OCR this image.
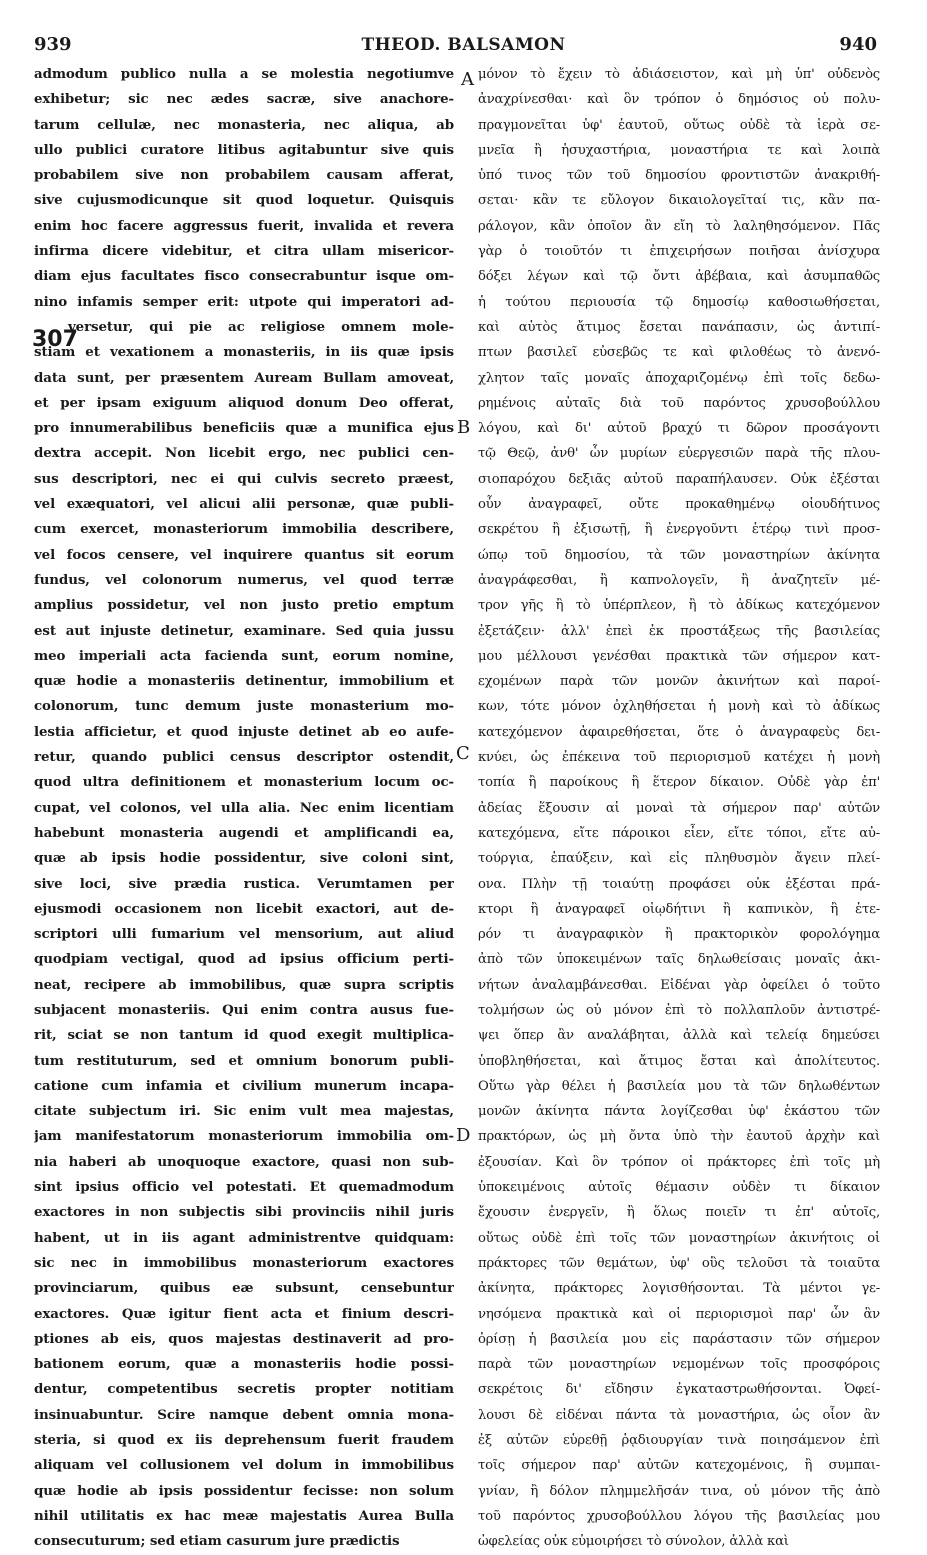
939	THEOD. BALSAMON	940
admodum publico nulla a se molestia negotiumve
exhibetur; sic nec ædes sacræ, sive anachore-
tarum cellulæ, nec monasteria, nec aliqua, ab
ullo publici curatore litibus agitabuntur sive quis
probabilem sive non probabilem causam afferat,
sive cujusmodicunque sit quod loquetur. Quisquis
enim hoc facere aggressus fuerit, invalida et revera
infirma dicere videbitur, et citra ullam misericor-
diam ejus facultates fisco consecrabuntur isque om-
nino infamis semper erit: utpote qui imperatori ad-
versetur, qui pie ac religiose omnem mole-
stiam et vexationem a monasteriis, in iis quæ ipsis
data sunt, per præsentem Auream Bullam amoveat,
et per ipsam exiguum aliquod donum Deo offerat,
pro innumerabilibus beneficiis quæ a munifica ejus
dextra accepit. Non licebit ergo, nec publici cen-
sus descriptori, nec ei qui culvis secreto præest,
vel exæquatori, vel alicui alii personæ, quæ publi-
cum exercet, monasteriorum immobilia describere,
vel focos censere, vel inquirere quantus sit eorum
fundus, vel colonorum numerus, vel quod terræ
amplius possidetur, vel non justo pretio emptum
est aut injuste detinetur, examinare. Sed quia jussu
meo imperiali acta facienda sunt, eorum nomine,
quæ hodie a monasteriis detinentur, immobilium et
colonorum, tunc demum juste monasterium mo-
lestia afficietur, et quod injuste detinet ab eo aufe-
retur, quando publici census descriptor ostendit,
quod ultra definitionem et monasterium locum oc-
cupat, vel colonos, vel ulla alia. Nec enim licentiam
habebunt monasteria augendi et amplificandi ea,
quæ ab ipsis hodie possidentur, sive coloni sint,
sive loci, sive prædia rustica. Verumtamen per
ejusmodi occasionem non licebit exactori, aut de-
scriptori ulli fumarium vel mensorium, aut aliud
quodpiam vectigal, quod ad ipsius officium perti-
neat, recipere ab immobilibus, quæ supra scriptis
subjacent monasteriis. Qui enim contra ausus fue-
rit, sciat se non tantum id quod exegit multiplica-
tum restituturum, sed et omnium bonorum publi-
catione cum infamia et civilium munerum incapa-
citate subjectum iri. Sic enim vult mea majestas,
jam manifestatorum monasteriorum immobilia om-
nia haberi ab unoquoque exactore, quasi non sub-
sint ipsius officio vel potestati. Et quemadmodum
exactores in non subjectis sibi provinciis nihil juris
habent, ut in iis agant administrentve quidquam:
sic nec in immobilibus monasteriorum exactores
provinciarum, quibus eæ subsunt, censebuntur
exactores. Quæ igitur fient acta et finium descri-
ptiones ab eis, quos majestas destinaverit ad pro-
bationem eorum, quæ a monasteriis hodie possi-
dentur, competentibus secretis propter notitiam
insinuabuntur. Scire namque debent omnia mona-
steria, si quod ex iis deprehensum fuerit fraudem
aliquam vel collusionem vel dolum in immobilibus
quæ hodie ab ipsis possidentur fecisse: non solum
nihil utilitatis ex hac meæ majestatis Aurea Bulla
consecuturum; sed etiam casurum jure prædictis
μόνον τὸ ἔχειν τὸ ἀδιάσειστον, καὶ μὴ ὑπ' οὐδενὸς
ἀναχρίνεσθαι· καὶ ὃν τρόπον ὁ δημόσιος οὐ πολυ-
πραγμονεῖται ὑφ' ἑαυτοῦ, οὕτως οὐδὲ τὰ ἱερὰ σε-
μνεῖα ἢ ἡσυχαστήρια, μοναστήρια τε καὶ λοιπὰ
ὑπό τινος τῶν τοῦ δημοσίου φροντιστῶν ἀνακριθή-
σεται· κἂν τε εὔλογον δικαιολογεῖταί τις, κἂν πα-
ράλογον, κἂν ὁποῖον ἂν εἴη τὸ λαληθησόμενον. Πᾶς
γὰρ ὁ τοιοῦτόν τι ἐπιχειρήσων ποιῆσαι ἀνίσχυρα
δόξει λέγων καὶ τῷ ὄντι ἀβέβαια, καὶ ἀσυμπαθῶς
ἡ τούτου περιουσία τῷ δημοσίῳ καθοσιωθήσεται,
καὶ αὐτὸς ἄτιμος ἔσεται πανάπασιν, ὡς ἀντιπί-
πτων βασιλεῖ εὐσεβῶς τε καὶ φιλοθέως τὸ ἀνενό-
χλητον ταῖς μοναῖς ἀποχαριζομένῳ ἐπὶ τοῖς δεδω-
ρημένοις αὐταῖς διὰ τοῦ παρόντος χρυσοβούλλου
λόγου, καὶ δι' αὐτοῦ βραχύ τι δῶρον προσάγοντι
τῷ Θεῷ, ἀνθ' ὧν μυρίων εὐεργεσιῶν παρὰ τῆς πλου-
σιοπαρόχου δεξιᾶς αὐτοῦ παραπήλαυσεν. Οὐκ ἐξέσται
οὖν ἀναγραφεῖ, οὔτε προκαθημένῳ οἱουδήτινος
σεκρέτου ἢ ἐξισωτῇ, ἢ ἐνεργοῦντι ἑτέρῳ τινὶ προσ-
ώπῳ τοῦ δημοσίου, τὰ τῶν μοναστηρίων ἀκίνητα
ἀναγράφεσθαι, ἢ καπνολογεῖν, ἢ ἀναζητεῖν μέ-
τρον γῆς ἢ τὸ ὑπέρπλεον, ἢ τὸ ἀδίκως κατεχόμενον
ἐξετάζειν· ἀλλ' ἐπεὶ ἐκ προστάξεως τῆς βασιλείας
μου μέλλουσι γενέσθαι πρακτικὰ τῶν σήμερον κατ-
εχομένων παρὰ τῶν μονῶν ἀκινήτων καὶ παροί-
κων, τότε μόνον ὀχληθήσεται ἡ μονὴ καὶ τὸ ἀδίκως
κατεχόμενον ἀφαιρεθήσεται, ὅτε ὁ ἀναγραφεὺς δει-
κνύει, ὡς ἐπέκεινα τοῦ περιορισμοῦ κατέχει ἡ μονὴ
τοπία ἢ παροίκους ἢ ἕτερον δίκαιον. Οὐδὲ γὰρ ἐπ'
ἀδείας ἕξουσιν αἱ μοναὶ τὰ σήμερον παρ' αὐτῶν
κατεχόμενα, εἴτε πάροικοι εἶεν, εἴτε τόποι, εἴτε αὐ-
τούργια, ἐπαύξειν, καὶ εἰς πληθυσμὸν ἄγειν πλεί-
ονα. Πλὴν τῇ τοιαύτῃ προφάσει οὐκ ἐξέσται πρά-
κτορι ἢ ἀναγραφεῖ οἱῳδήτινι ἢ καπνικὸν, ἢ ἑτε-
ρόν τι ἀναγραφικὸν ἢ πρακτορικὸν φορολόγημα
ἀπὸ τῶν ὑποκειμένων ταῖς δηλωθείσαις μοναῖς ἀκι-
νήτων ἀναλαμβάνεσθαι. Εἰδέναι γὰρ ὀφείλει ὁ τοῦτο
τολμήσων ὡς οὐ μόνον ἐπὶ τὸ πολλαπλοῦν ἀντιστρέ-
ψει ὅπερ ἂν αναλάβηται, ἀλλὰ καὶ τελείᾳ δημεύσει
ὑποβληθήσεται, καὶ ἄτιμος ἔσται καὶ ἀπολίτευτος.
Οὕτω γὰρ θέλει ἡ βασιλεία μου τὰ τῶν δηλωθέντων
μονῶν ἀκίνητα πάντα λογίζεσθαι ὑφ' ἑκάστου τῶν
πρακτόρων, ὡς μὴ ὄντα ὑπὸ τὴν ἑαυτοῦ ἀρχὴν καὶ
ἐξουσίαν. Καὶ ὃν τρόπον οἱ πράκτορες ἐπὶ τοῖς μὴ
ὑποκειμένοις αὐτοῖς θέμασιν οὐδὲν τι δίκαιον
ἔχουσιν ἐνεργεῖν, ἢ ὅλως ποιεῖν τι ἐπ' αὐτοῖς,
οὕτως οὐδὲ ἐπὶ τοῖς τῶν μοναστηρίων ἀκινήτοις οἱ
πράκτορες τῶν θεμάτων, ὑφ' οὓς τελοῦσι τὰ τοιαῦτα
ἀκίνητα, πράκτορες λογισθήσονται. Τὰ μέντοι γε-
νησόμενα πρακτικὰ καὶ οἱ περιορισμοὶ παρ' ὧν ἂν
ὁρίσῃ ἡ βασιλεία μου εἰς παράστασιν τῶν σήμερον
παρὰ τῶν μοναστηρίων νεμομένων τοῖς προσφόροις
σεκρέτοις δι' εἴδησιν ἐγκαταστρωθήσονται. Ὀφεί-
λουσι δὲ εἰδέναι πάντα τὰ μοναστήρια, ὡς οἷον ἂν
ἐξ αὐτῶν εὑρεθῇ ῥᾳδιουργίαν τινὰ ποιησάμενον ἐπὶ
τοῖς σήμερον παρ' αὐτῶν κατεχομένοις, ἢ συμπαι-
γνίαν, ἢ δόλον πλημμελῆσάν τινα, οὐ μόνον τῆς ἀπὸ
τοῦ παρόντος χρυσοβούλλου λόγου τῆς βασιλείας μου
ὠφελείας οὐκ εὐμοιρήσει τὸ σύνολον, ἀλλὰ καὶ
A
B
C
D
307
